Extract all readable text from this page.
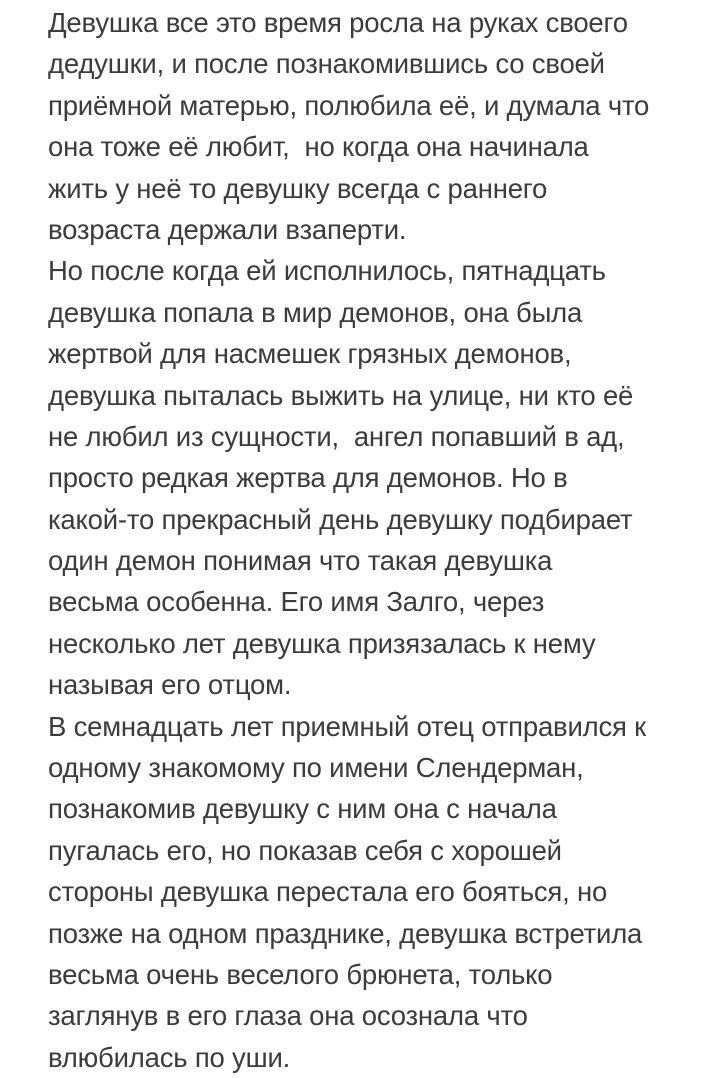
Девушка все это время росла на руках своего
дедушки, и после познакомившись со своей
приёмной матерью, полюбила её, и думала что
она тоже её любит,  но когда она начинала
жить у неё то девушку всегда с раннего
возраста держали взаперти.
Но после когда ей исполнилось, пятнадцать
девушка попала в мир демонов, она была
жертвой для насмешек грязных демонов,
девушка пыталась выжить на улице, ни кто её
не любил из сущности,  ангел попавший в ад,
просто редкая жертва для демонов. Но в
какой-то прекрасный день девушку подбирает
один демон понимая что такая девушка
весьма особенна. Его имя Залго, через
несколько лет девушка призязалась к нему
называя его отцом.
В семнадцать лет приемный отец отправился к
одному знакомому по имени Слендерман,
познакомив девушку с ним она с начала
пугалась его, но показав себя с хорошей
стороны девушка перестала его бояться, но
позже на одном празднике, девушка встретила
весьма очень веселого брюнета, только
заглянув в его глаза она осознала что
влюбилась по уши.
